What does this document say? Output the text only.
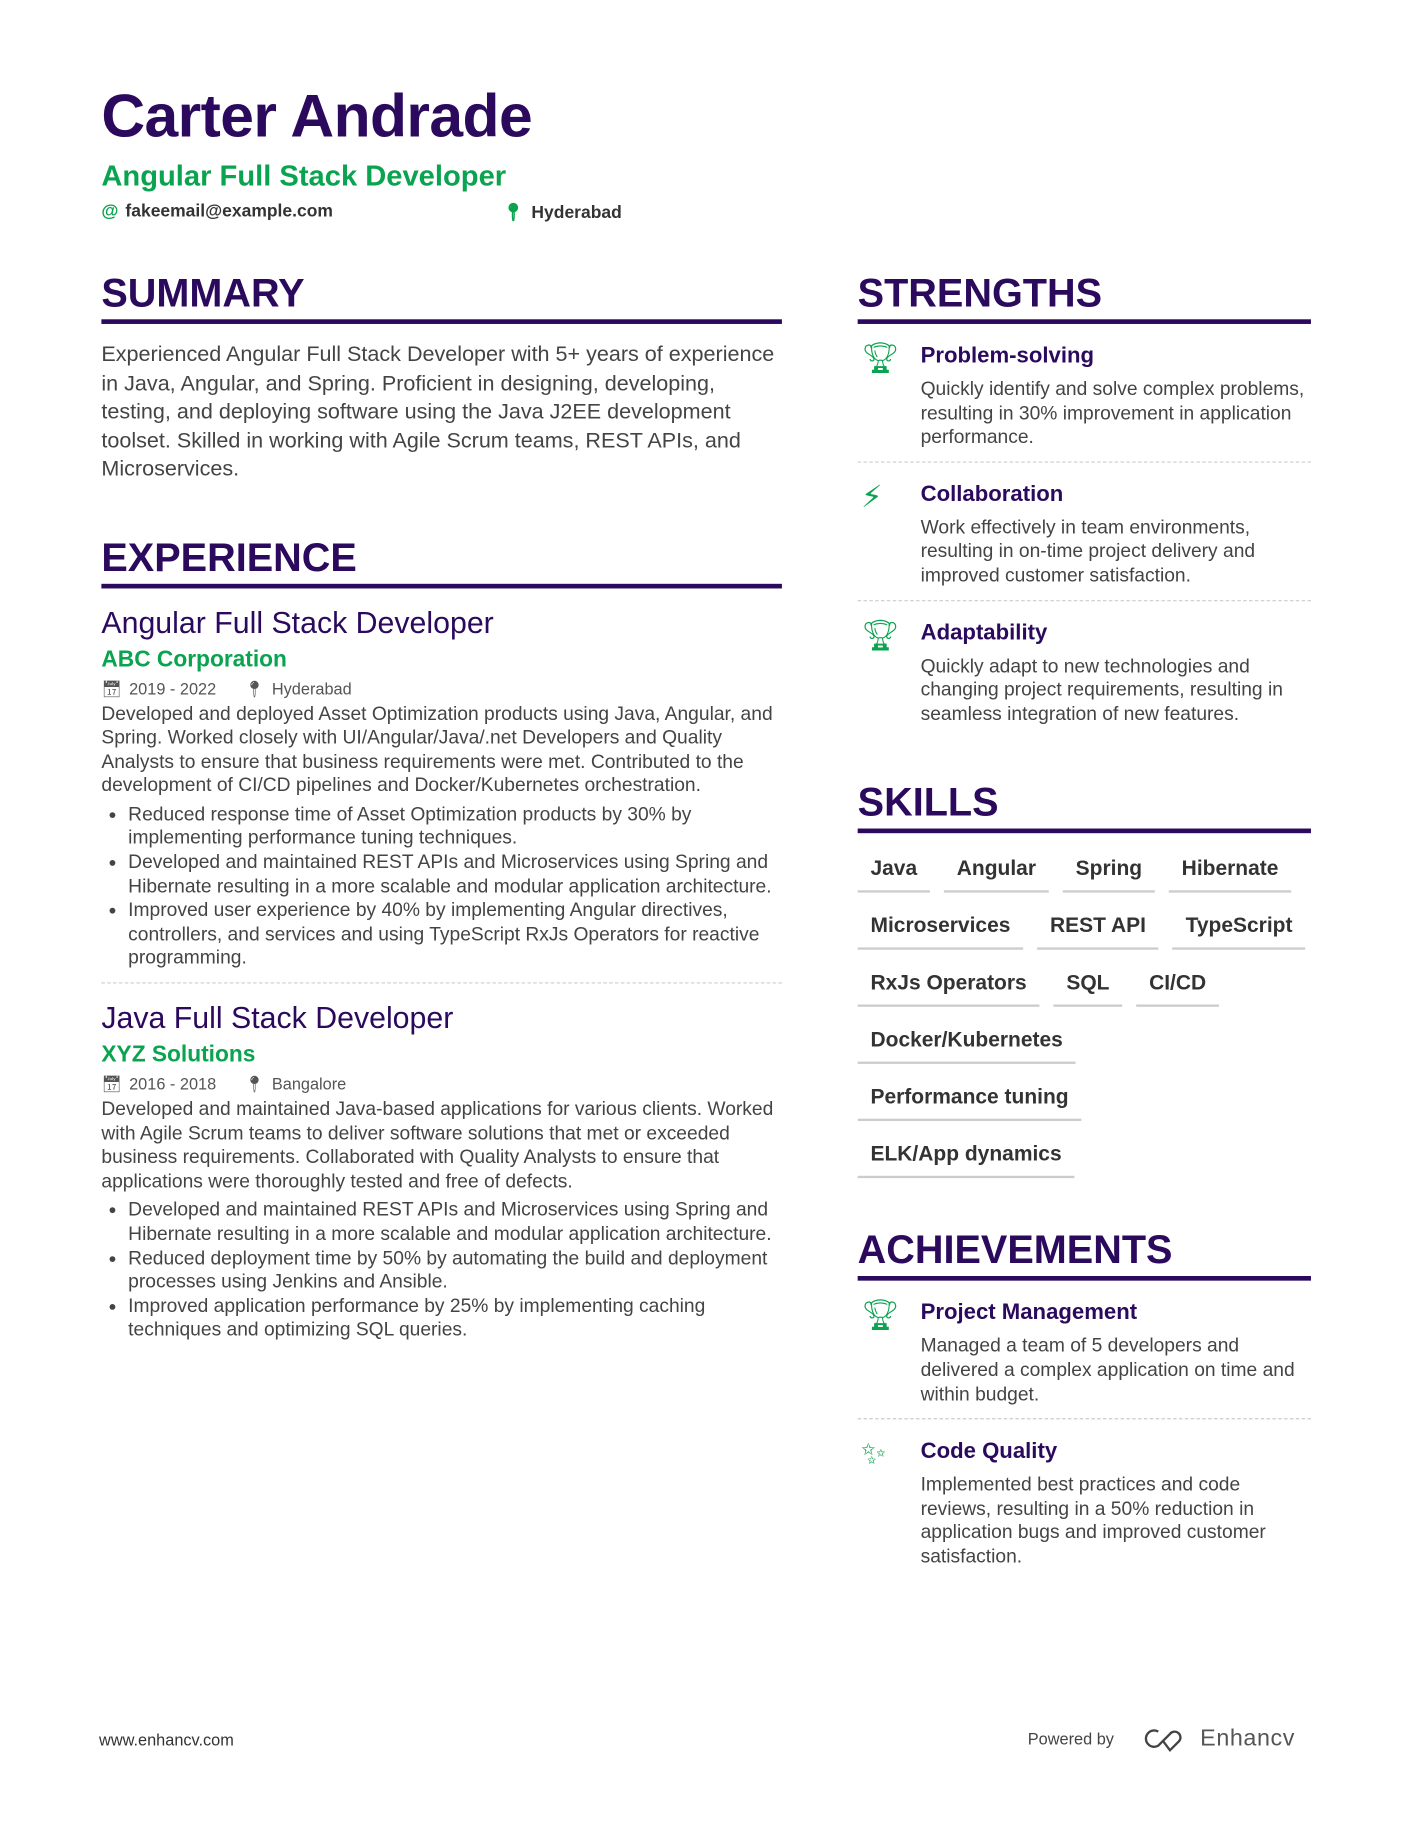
Carter Andrade
Angular Full Stack Developer
@ fakeemail@example.com	📍︎ Hyderabad
SUMMARY

Experienced Angular Full Stack Developer with 5+ years of experience in Java, Angular, and Spring. Proficient in designing, developing, testing, and deploying software using the Java J2EE development toolset. Skilled in working with Agile Scrum teams, REST APIs, and Microservices.

EXPERIENCE
Angular Full Stack Developer
ABC Corporation
📅︎ 2019 - 2022 📍︎ Hyderabad
Developed and deployed Asset Optimization products using Java, Angular, and Spring. Worked closely with UI/Angular/Java/.net Developers and Quality Analysts to ensure that business requirements were met. Contributed to the development of CI/CD pipelines and Docker/Kubernetes orchestration.
• Reduced response time of Asset Optimization products by 30% by implementing performance tuning techniques.
• Developed and maintained REST APIs and Microservices using Spring and Hibernate resulting in a more scalable and modular application architecture.
• Improved user experience by 40% by implementing Angular directives, controllers, and services and using TypeScript RxJs Operators for reactive programming.
Java Full Stack Developer
XYZ Solutions
📅︎ 2016 - 2018 📍︎ Bangalore
Developed and maintained Java-based applications for various clients. Worked with Agile Scrum teams to deliver software solutions that met or exceeded business requirements. Collaborated with Quality Analysts to ensure that applications were thoroughly tested and free of defects.
• Developed and maintained REST APIs and Microservices using Spring and Hibernate resulting in a more scalable and modular application architecture.
• Reduced deployment time by 50% by automating the build and deployment processes using Jenkins and Ansible.
• Improved application performance by 25% by implementing caching techniques and optimizing SQL queries.
STRENGTHS
🏆︎	Problem-solving
Quickly identify and solve complex problems, resulting in 30% improvement in application performance.
⚡︎	Collaboration
Work effectively in team environments, resulting in on-time project delivery and improved customer satisfaction.
🏆︎	Adaptability
Quickly adapt to new technologies and changing project requirements, resulting in seamless integration of new features.
SKILLS
Java	Angular	Spring	Hibernate
Microservices	REST API	TypeScript
RxJs Operators	SQL	CI/CD
Docker/Kubernetes
Performance tuning
ELK/App dynamics
ACHIEVEMENTS
🏆︎	Project Management
Managed a team of 5 developers and delivered a complex application on time and within budget.
✨︎	Code Quality
Implemented best practices and code reviews, resulting in a 50% reduction in application bugs and improved customer satisfaction.
www.enhancv.com	Powered by	Enhancv
